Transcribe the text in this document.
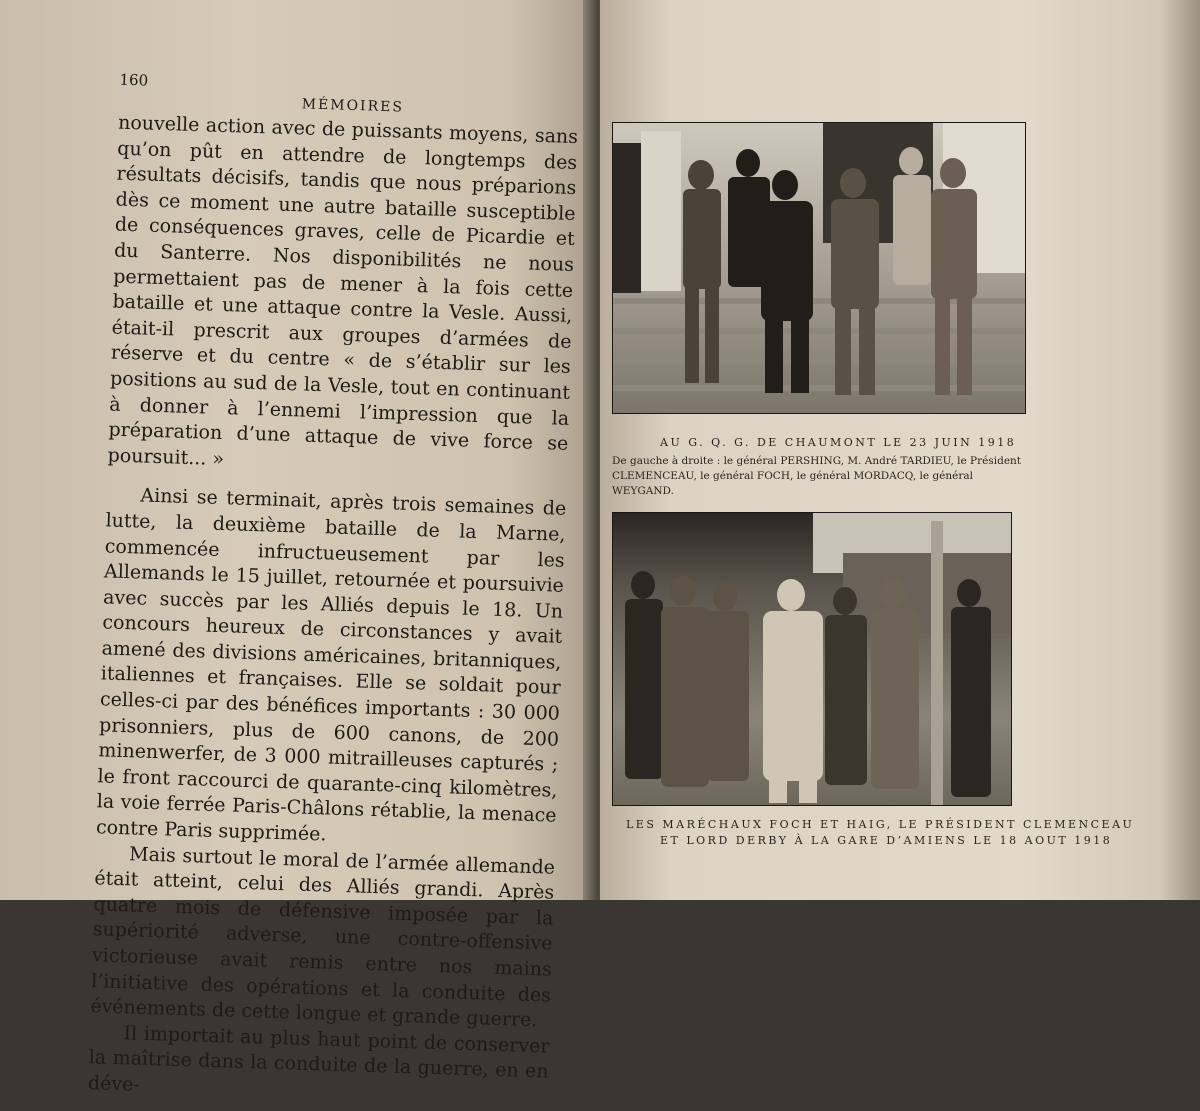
160
MÉMOIRES

nouvelle action avec de puissants moyens, sans qu’on pût en attendre de longtemps des résultats décisifs, tandis que nous préparions dès ce moment une autre bataille susceptible de conséquences graves, celle de Picardie et du Santerre. Nos disponibilités ne nous permettaient pas de mener à la fois cette bataille et une attaque contre la Vesle. Aussi, était-il prescrit aux groupes d’armées de réserve et du centre « de s’établir sur les positions au sud de la Vesle, tout en continuant à donner à l’ennemi l’impression que la préparation d’une attaque de vive force se poursuit... »

Ainsi se terminait, après trois semaines de lutte, la deuxième bataille de la Marne, commencée infructueusement par les Allemands le 15 juillet, retournée et poursuivie avec succès par les Alliés depuis le 18. Un concours heureux de circonstances y avait amené des divisions américaines, britanniques, italiennes et françaises. Elle se soldait pour celles-ci par des bénéfices importants : 30 000 prisonniers, plus de 600 canons, de 200 minenwerfer, de 3 000 mitrailleuses capturés ; le front raccourci de quarante-cinq kilomètres, la voie ferrée Paris-Châlons rétablie, la menace contre Paris supprimée.

Mais surtout le moral de l’armée allemande était atteint, celui des Alliés grandi. Après quatre mois de défensive imposée par la supériorité adverse, une contre-offensive victorieuse avait remis entre nos mains l’initiative des opérations et la conduite des événements de cette longue et grande guerre.

Il importait au plus haut point de conserver la maîtrise dans la conduite de la guerre, en en déve-

AU G. Q. G. DE CHAUMONT LE 23 JUIN 1918
De gauche à droite : le général PERSHING, M. André TARDIEU, le Président CLEMENCEAU, le général FOCH, le général MORDACQ, le général WEYGAND.
LES MARÉCHAUX FOCH ET HAIG, LE PRÉSIDENT CLEMENCEAU
ET LORD DERBY À LA GARE D’AMIENS LE 18 AOUT 1918
